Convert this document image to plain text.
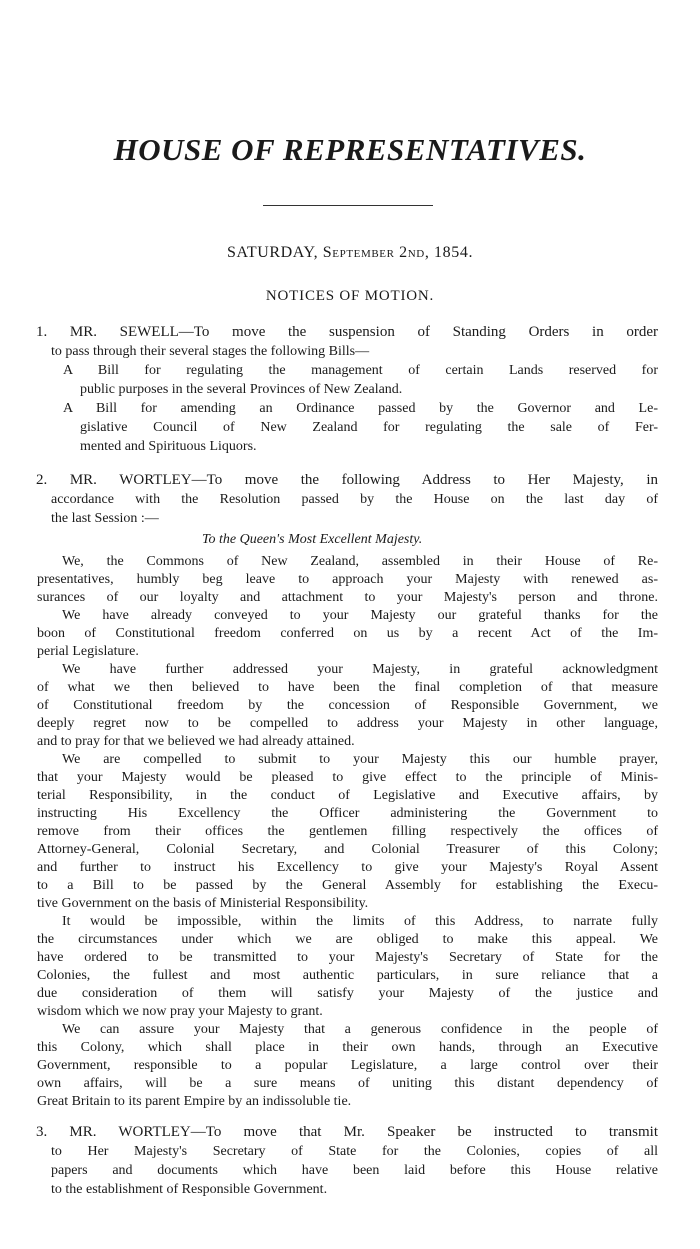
HOUSE OF REPRESENTATIVES.
SATURDAY, September 2nd, 1854.
NOTICES OF MOTION.
1. MR. SEWELL—To move the suspension of Standing Orders in order
to pass through their several stages the following Bills—
A Bill for regulating the management of certain Lands reserved for
public purposes in the several Provinces of New Zealand.
A Bill for amending an Ordinance passed by the Governor and Le-
gislative Council of New Zealand for regulating the sale of Fer-
mented and Spirituous Liquors.
2. MR. WORTLEY—To move the following Address to Her Majesty, in
accordance with the Resolution passed by the House on the last day of
the last Session :—
To the Queen's Most Excellent Majesty.
We, the Commons of New Zealand, assembled in their House of Re-
presentatives, humbly beg leave to approach your Majesty with renewed as-
surances of our loyalty and attachment to your Majesty's person and throne.
We have already conveyed to your Majesty our grateful thanks for the
boon of Constitutional freedom conferred on us by a recent Act of the Im-
perial Legislature.
We have further addressed your Majesty, in grateful acknowledgment
of what we then believed to have been the final completion of that measure
of Constitutional freedom by the concession of Responsible Government, we
deeply regret now to be compelled to address your Majesty in other language,
and to pray for that we believed we had already attained.
We are compelled to submit to your Majesty this our humble prayer,
that your Majesty would be pleased to give effect to the principle of Minis-
terial Responsibility, in the conduct of Legislative and Executive affairs, by
instructing His Excellency the Officer administering the Government to
remove from their offices the gentlemen filling respectively the offices of
Attorney-General, Colonial Secretary, and Colonial Treasurer of this Colony;
and further to instruct his Excellency to give your Majesty's Royal Assent
to a Bill to be passed by the General Assembly for establishing the Execu-
tive Government on the basis of Ministerial Responsibility.
It would be impossible, within the limits of this Address, to narrate fully
the circumstances under which we are obliged to make this appeal. We
have ordered to be transmitted to your Majesty's Secretary of State for the
Colonies, the fullest and most authentic particulars, in sure reliance that a
due consideration of them will satisfy your Majesty of the justice and
wisdom which we now pray your Majesty to grant.
We can assure your Majesty that a generous confidence in the people of
this Colony, which shall place in their own hands, through an Executive
Government, responsible to a popular Legislature, a large control over their
own affairs, will be a sure means of uniting this distant dependency of
Great Britain to its parent Empire by an indissoluble tie.
3. MR. WORTLEY—To move that Mr. Speaker be instructed to transmit
to Her Majesty's Secretary of State for the Colonies, copies of all
papers and documents which have been laid before this House relative
to the establishment of Responsible Government.
